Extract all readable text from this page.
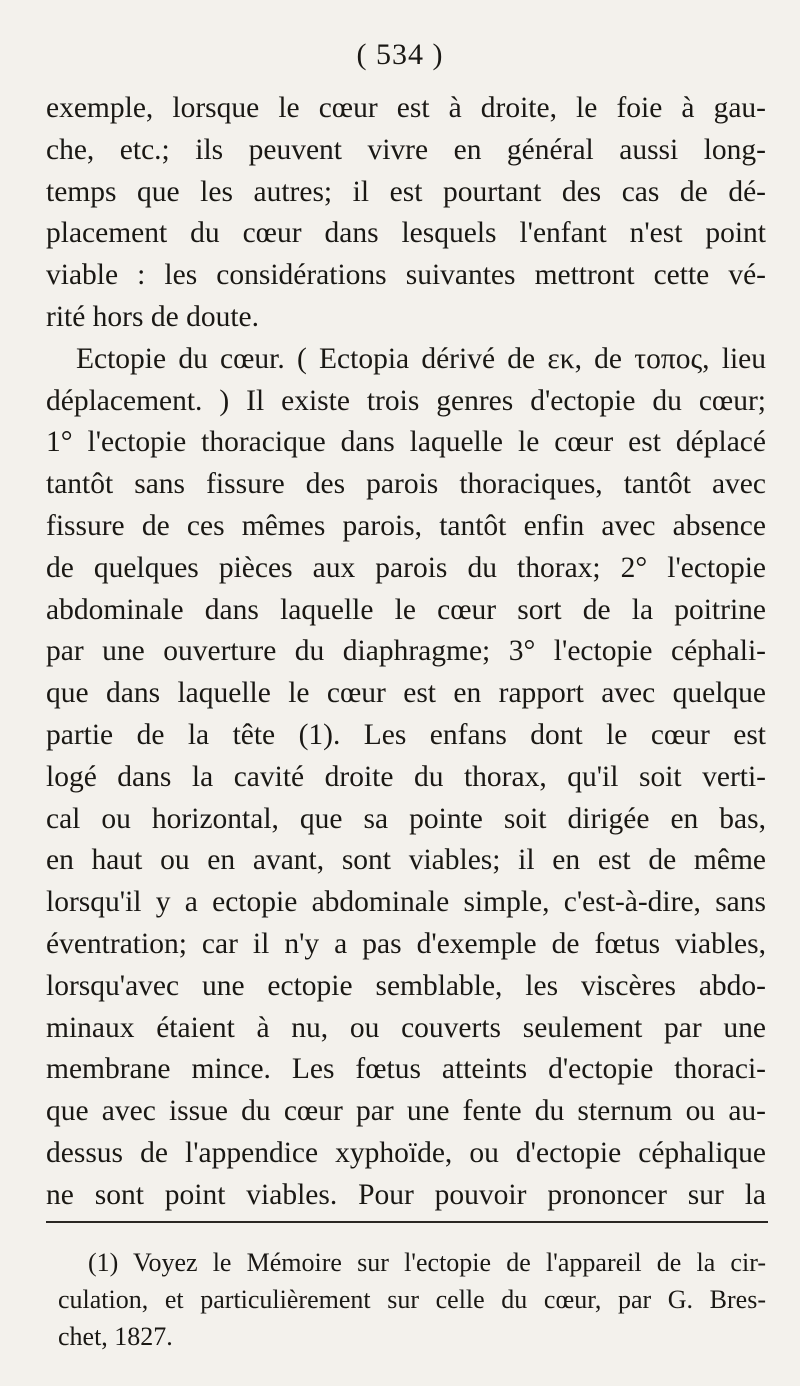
( 534 )
exemple, lorsque le cœur est à droite, le foie à gau-
che, etc.; ils peuvent vivre en général aussi long-
temps que les autres; il est pourtant des cas de dé-
placement du cœur dans lesquels l'enfant n'est point
viable : les considérations suivantes mettront cette vé-
rité hors de doute.
Ectopie du cœur. ( Ectopia dérivé de εκ, de τοπος, lieu
déplacement. ) Il existe trois genres d'ectopie du cœur;
1° l'ectopie thoracique dans laquelle le cœur est déplacé
tantôt sans fissure des parois thoraciques, tantôt avec
fissure de ces mêmes parois, tantôt enfin avec absence
de quelques pièces aux parois du thorax; 2° l'ectopie
abdominale dans laquelle le cœur sort de la poitrine
par une ouverture du diaphragme; 3° l'ectopie céphali-
que dans laquelle le cœur est en rapport avec quelque
partie de la tête (1). Les enfans dont le cœur est
logé dans la cavité droite du thorax, qu'il soit verti-
cal ou horizontal, que sa pointe soit dirigée en bas,
en haut ou en avant, sont viables; il en est de même
lorsqu'il y a ectopie abdominale simple, c'est-à-dire, sans
éventration; car il n'y a pas d'exemple de fœtus viables,
lorsqu'avec une ectopie semblable, les viscères abdo-
minaux étaient à nu, ou couverts seulement par une
membrane mince. Les fœtus atteints d'ectopie thoraci-
que avec issue du cœur par une fente du sternum ou au-
dessus de l'appendice xyphoïde, ou d'ectopie céphalique
ne sont point viables. Pour pouvoir prononcer sur la
(1) Voyez le Mémoire sur l'ectopie de l'appareil de la cir-
culation, et particulièrement sur celle du cœur, par G. Bres-
chet, 1827.
